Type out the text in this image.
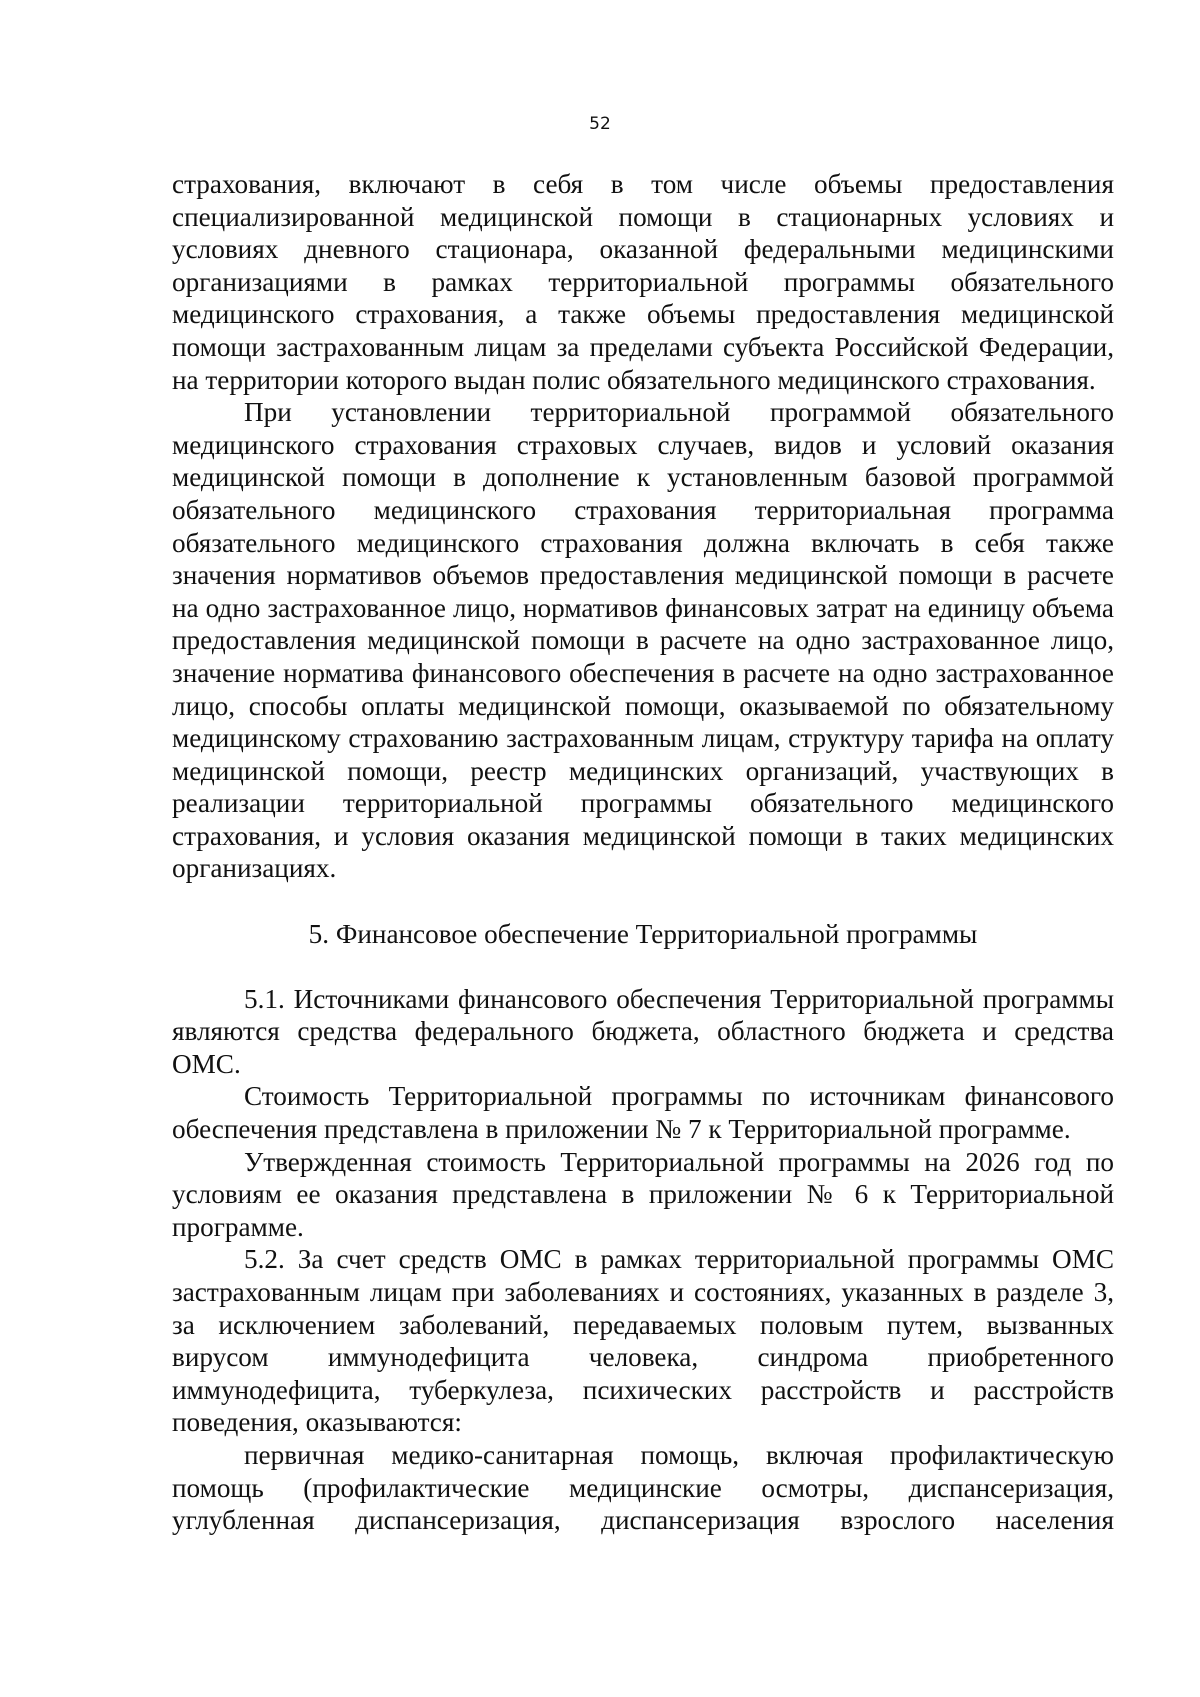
52

страхования, включают в себя в том числе объемы предоставления специализированной медицинской помощи в стационарных условиях и условиях дневного стационара, оказанной федеральными медицинскими организациями в рамках территориальной программы обязательного медицинского страхования, а также объемы предоставления медицинской помощи застрахованным лицам за пределами субъекта Российской Федерации, на территории которого выдан полис обязательного медицинского страхования.

При установлении территориальной программой обязательного медицинского страхования страховых случаев, видов и условий оказания медицинской помощи в дополнение к установленным базовой программой обязательного медицинского страхования территориальная программа обязательного медицинского страхования должна включать в себя также значения нормативов объемов предоставления медицинской помощи в расчете на одно застрахованное лицо, нормативов финансовых затрат на единицу объема предоставления медицинской помощи в расчете на одно застрахованное лицо, значение норматива финансового обеспечения в расчете на одно застрахованное лицо, способы оплаты медицинской помощи, оказываемой по обязательному медицинскому страхованию застрахованным лицам, структуру тарифа на оплату медицинской помощи, реестр медицинских организаций, участвующих в реализации территориальной программы обязательного медицинского страхования, и условия оказания медицинской помощи в таких медицинских организациях.

5. Финансовое обеспечение Территориальной программы

5.1. Источниками финансового обеспечения Территориальной программы являются средства федерального бюджета, областного бюджета и средства ОМС.

Стоимость Территориальной программы по источникам финансового обеспечения представлена в приложении № 7 к Территориальной программе.

Утвержденная стоимость Территориальной программы на 2026 год по условиям ее оказания представлена в приложении № 6 к Территориальной программе.

5.2. За счет средств ОМС в рамках территориальной программы ОМС застрахованным лицам при заболеваниях и состояниях, указанных в разделе 3, за исключением заболеваний, передаваемых половым путем, вызванных вирусом иммунодефицита человека, синдрома приобретенного иммунодефицита, туберкулеза, психических расстройств и расстройств поведения, оказываются:

первичная медико-санитарная помощь, включая профилактическую помощь (профилактические медицинские осмотры, диспансеризация, углубленная диспансеризация, диспансеризация взрослого населения
